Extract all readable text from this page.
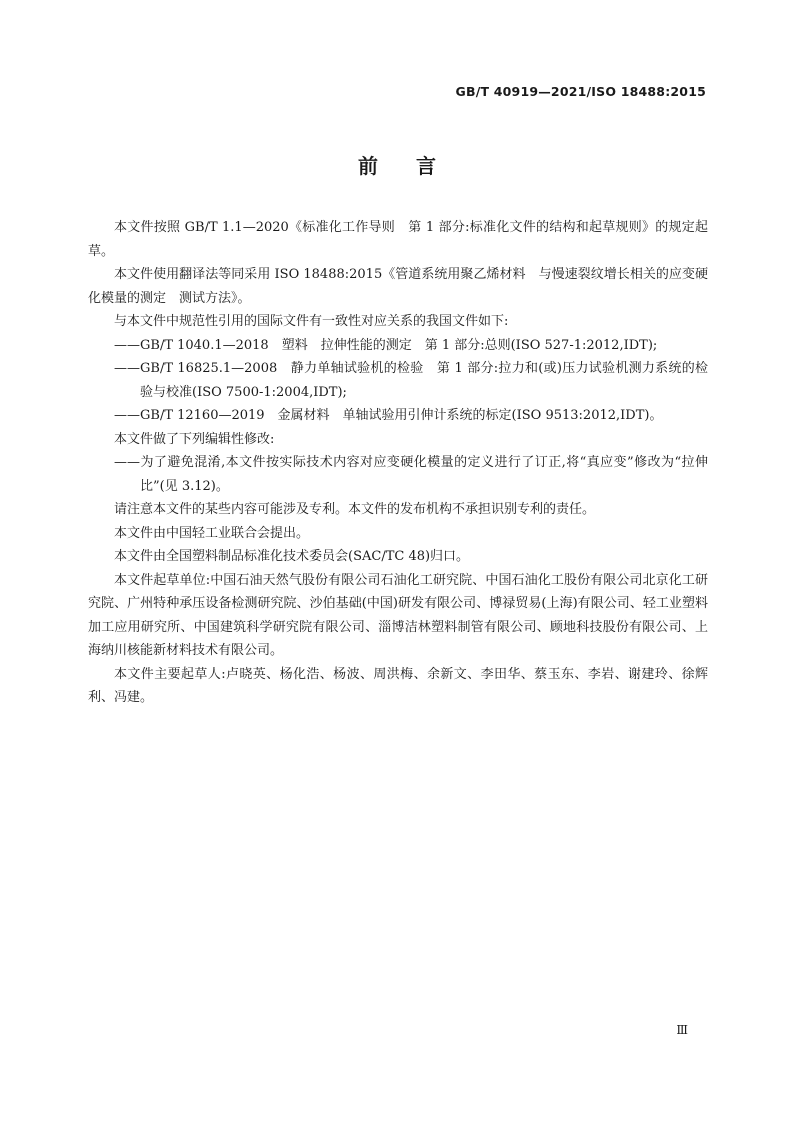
GB/T 40919—2021/ISO 18488:2015
前言

本文件按照 GB/T 1.1—2020《标准化工作导则　第 1 部分:标准化文件的结构和起草规则》的规定起草。

本文件使用翻译法等同采用 ISO 18488:2015《管道系统用聚乙烯材料　与慢速裂纹增长相关的应变硬化模量的测定　测试方法》。

与本文件中规范性引用的国际文件有一致性对应关系的我国文件如下:

——GB/T 1040.1—2018　塑料　拉伸性能的测定　第 1 部分:总则(ISO 527-1:2012,IDT);

——GB/T 16825.1—2008　静力单轴试验机的检验　第 1 部分:拉力和(或)压力试验机测力系统的检验与校准(ISO 7500-1:2004,IDT);

——GB/T 12160—2019　金属材料　单轴试验用引伸计系统的标定(ISO 9513:2012,IDT)。

本文件做了下列编辑性修改:

——为了避免混淆,本文件按实际技术内容对应变硬化模量的定义进行了订正,将“真应变”修改为“拉伸比”(见 3.12)。

请注意本文件的某些内容可能涉及专利。本文件的发布机构不承担识别专利的责任。

本文件由中国轻工业联合会提出。

本文件由全国塑料制品标准化技术委员会(SAC/TC 48)归口。

本文件起草单位:中国石油天然气股份有限公司石油化工研究院、中国石油化工股份有限公司北京化工研究院、广州特种承压设备检测研究院、沙伯基础(中国)研发有限公司、博禄贸易(上海)有限公司、轻工业塑料加工应用研究所、中国建筑科学研究院有限公司、淄博洁林塑料制管有限公司、顾地科技股份有限公司、上海纳川核能新材料技术有限公司。

本文件主要起草人:卢晓英、杨化浩、杨波、周洪梅、余新文、李田华、蔡玉东、李岩、谢建玲、徐辉利、冯建。

Ⅲ
